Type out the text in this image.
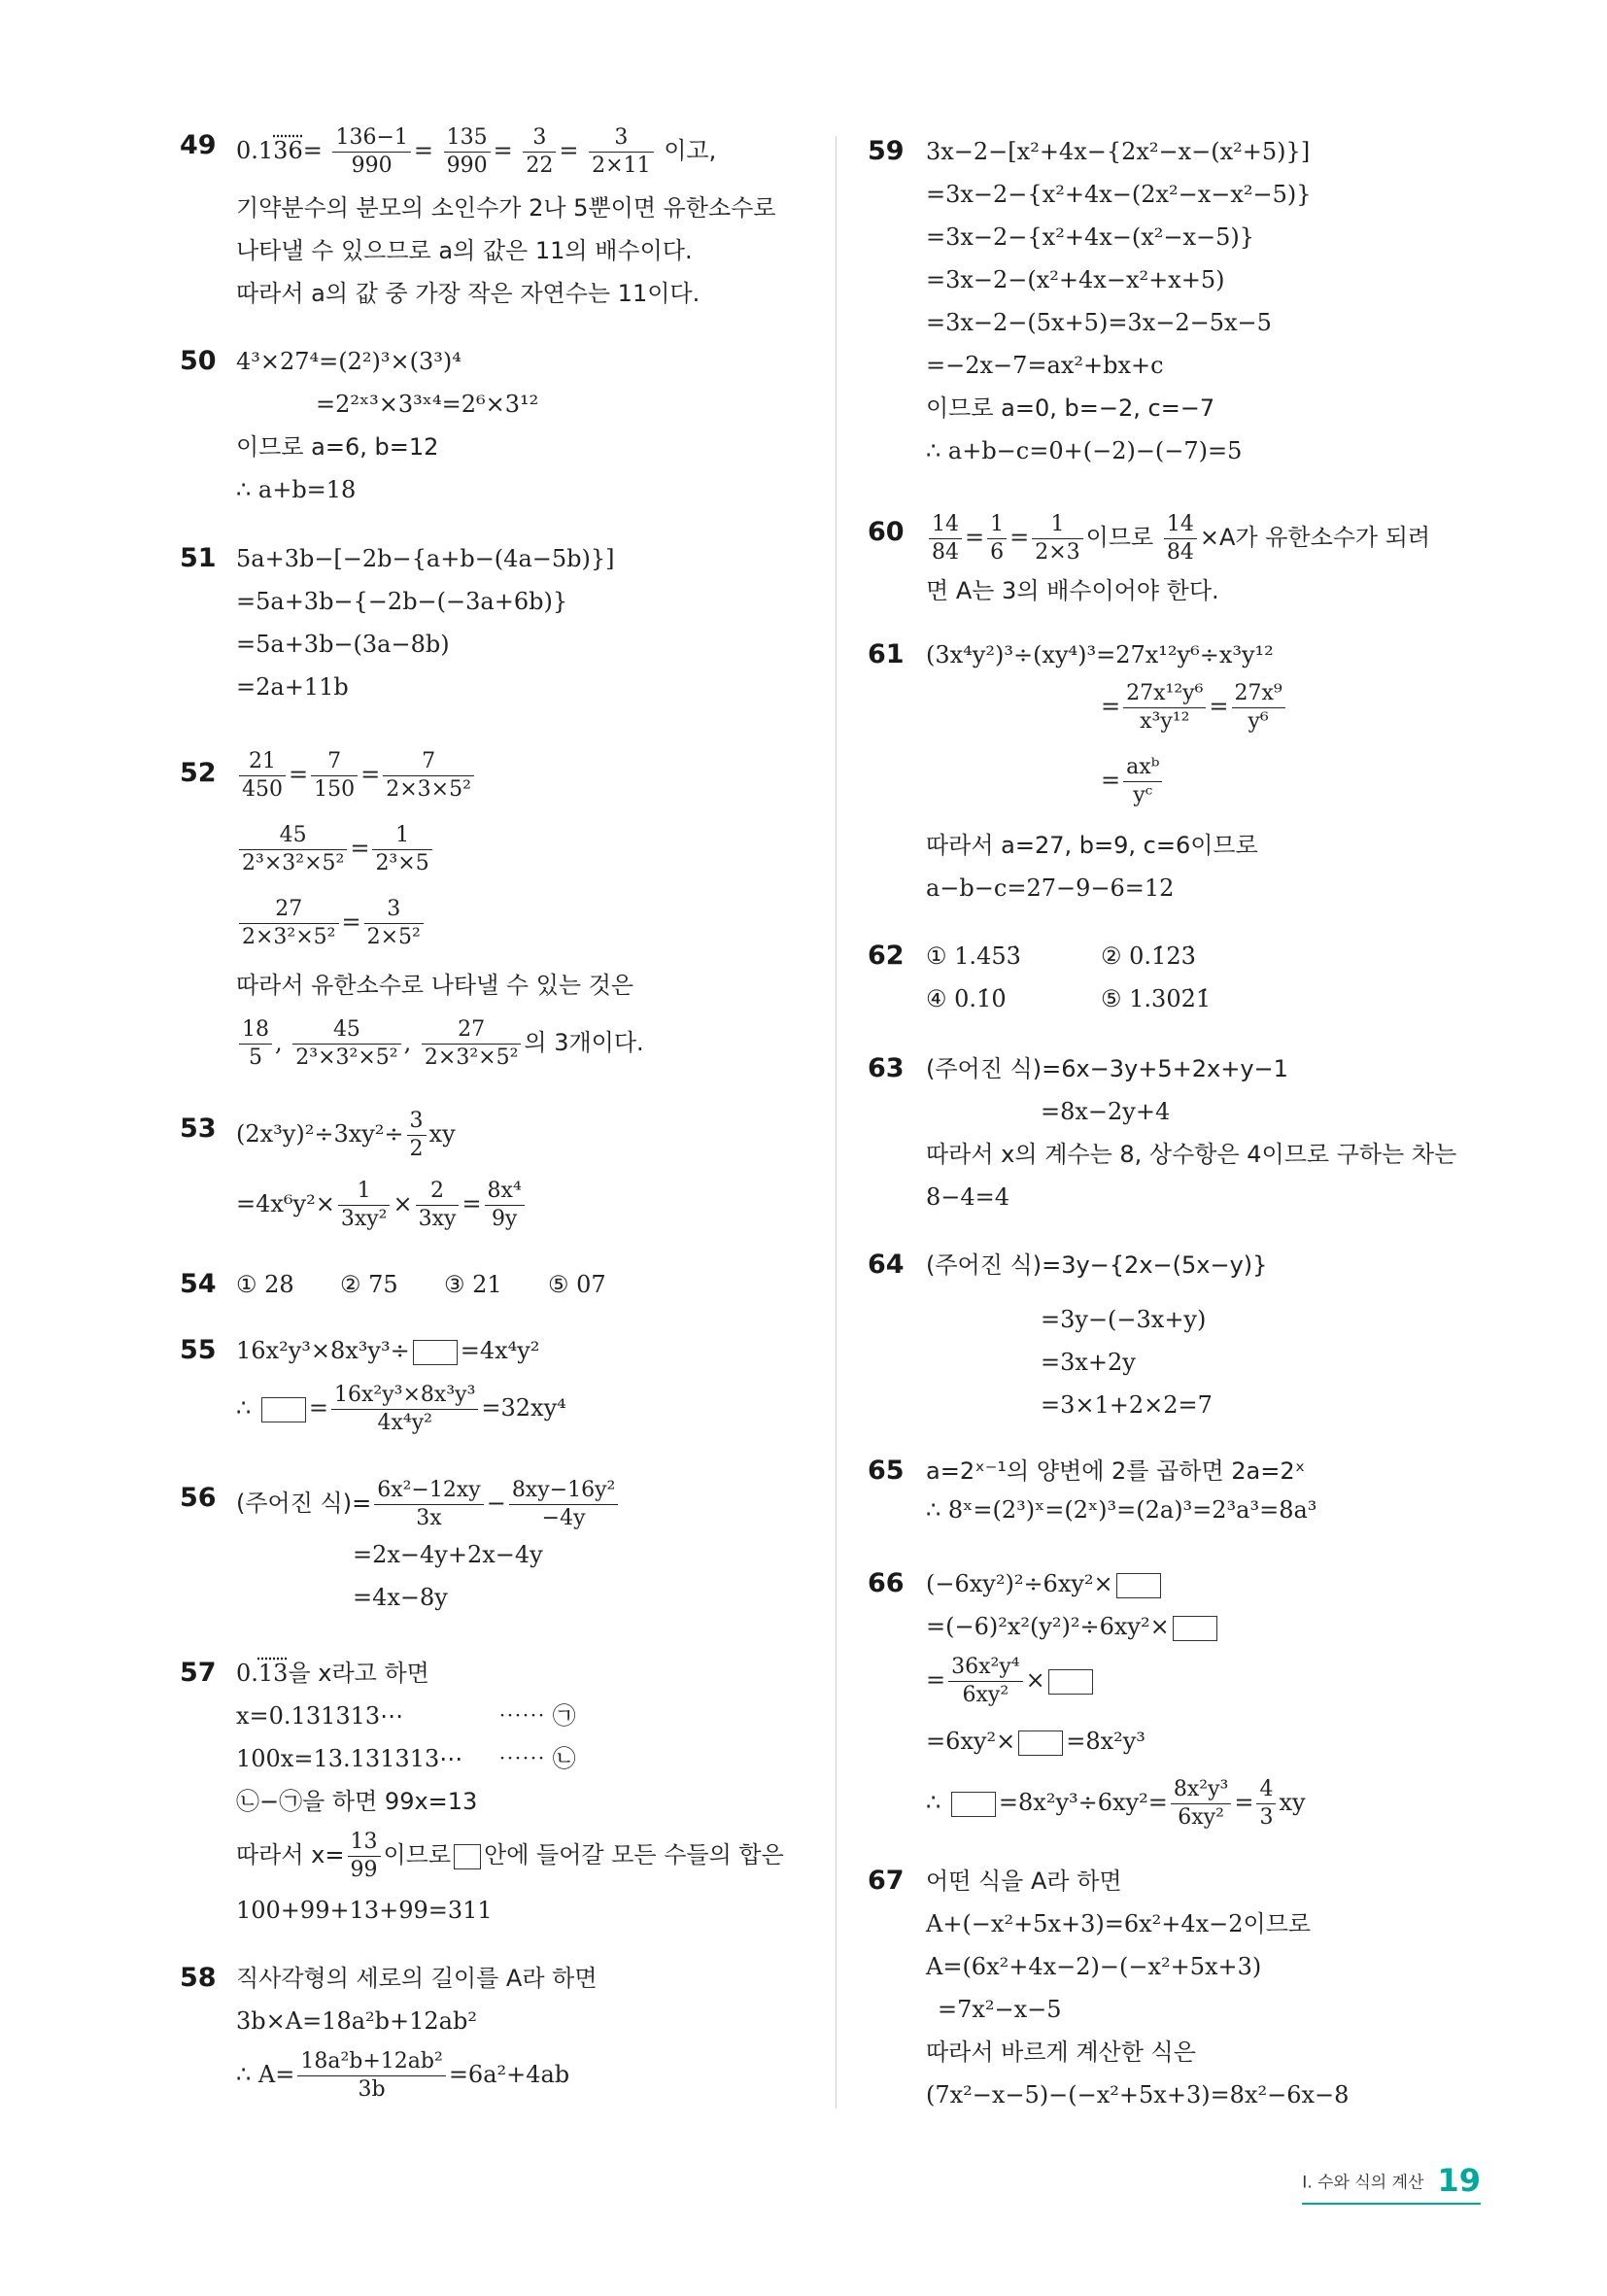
49 $0.136= \frac{136-1}{990} = \frac{135}{990} = \frac{3}{22} = \frac{3}{2\times 11}$ 이고,
기약분수의 분모의 소인수가 2나 5뿐이면 유한소수로
나타낼 수 있으므로 a의 값은 11의 배수이다.
따라서 a의 값 중 가장 작은 자연수는 11이다.
50 4³×27⁴=(2²)³×(3³)⁴
=2²ˣ³×3³ˣ⁴=2⁶×3¹²
이므로 a=6, b=12
∴ a+b=18
51 5a+3b−[−2b−{a+b−(4a−5b)}]
=5a+3b−{−2b−(−3a+6b)}
=5a+3b−(3a−8b)
=2a+11b
$52 \frac{21}{450} = \frac{7}{150} = \frac{7}{\text{2×3×5²}}$
$\frac{45}{\text{2³×3²×5²}} = \frac{1}{\text{2³×5}}$
$\frac{27}{\text{2×3²×5²}} = \frac{3}{\text{2×5²}}$
따라서 유한소수로 나타낼 수 있는 것은
$\frac{18}{5}$ , $\frac{45}{\text{2³×3²×5²}}$ , $\frac{27}{\text{2×3²×5²}}$ 의 3개이다.
53 $(2x^3y)^2\div 3xy^2\div \frac{3}{2}$ xy
$=4x^6y^2\times \frac{1}{\text{3xy²}} \times \frac{2}{3xy} = \frac{\text{8x⁴}}{9y}$
54 ① 28 ② 75 ③ 21 ⑤ 07
55 16x²y³×8x³y³÷ =4x⁴y²
∴ = $\frac{\text{16x²y³×8x³y³}}{\text{4x⁴y²}} =32xy^4$
56 (주어진 식)= $\frac{\text{6x²−12xy}}{3x} - \frac{\text{8xy−16y²}}{-4y}$
=2x−4y+2x−4y
=4x−8y
57 0.13을 x라고 하면
x=0.131313⋯	⋯⋯ ㉠
100x=13.131313⋯ ⋯⋯ ㉡
㉡−㉠을 하면 99x=13
따라서 $x= \frac{13}{99}$ 이므로 안에 들어갈 모든 수들의 합은
100+99+13+99=311
58 직사각형의 세로의 길이를 A라 하면
3b×A=18a²b+12ab²
∴ $A= \frac{\text{18a²b+12ab²}}{3b} =6a^2+4ab$
59 3x−2−[x²+4x−{2x²−x−(x²+5)}]
=3x−2−{x²+4x−(2x²−x−x²−5)}
=3x−2−{x²+4x−(x²−x−5)}
=3x−2−(x²+4x−x²+x+5)
=3x−2−(5x+5)=3x−2−5x−5
=−2x−7=ax²+bx+c
이므로 a=0, b=−2, c=−7
∴ a+b−c=0+(−2)−(−7)=5
$60 \frac{14}{84} = \frac{1}{6} = \frac{1}{2\times 3}$ 이므로 $\frac{14}{84} \times A$가 유한소수가 되려
면 A는 3의 배수이어야 한다.
61 (3x⁴y²)³÷(xy⁴)³=27x¹²y⁶÷x³y¹²
= $\frac{\text{27x¹²y⁶}}{\text{x³y¹²}} = \frac{\text{27x⁹}}{\text{y⁶}}$
= $\frac{\text{axᵇ}}{\text{yᶜ}}$
따라서 a=27, b=9, c=6이므로
a−b−c=27−9−6=12
62 ① 1.453̇	② 0.1̇23̇
④ 0.1̇0̇	⑤ 1.302̇1̇
63 (주어진 식)=6x−3y+5+2x+y−1
=8x−2y+4
따라서 x의 계수는 8, 상수항은 4이므로 구하는 차는
8−4=4
64 (주어진 식)=3y−{2x−(5x−y)}
=3y−(−3x+y)
=3x+2y
=3×1+2×2=7
65 a=2ˣ⁻¹의 양변에 2를 곱하면 2a=2ˣ
∴ 8ˣ=(2³)ˣ=(2ˣ)³=(2a)³=2³a³=8a³
66 (−6xy²)²÷6xy²×
=(−6)²x²(y²)²÷6xy²×
= $\frac{\text{36x²y⁴}}{\text{6xy²}}$ ×
=6xy²× =8x²y³
∴ $=8x^2y^3\div 6xy^2= \frac{\text{8x²y³}}{\text{6xy²}} = \frac{4}{3}$ xy
67 어떤 식을 A라 하면
A+(−x²+5x+3)=6x²+4x−2이므로
A=(6x²+4x−2)−(−x²+5x+3)
=7x²−x−5
따라서 바르게 계산한 식은
(7x²−x−5)−(−x²+5x+3)=8x²−6x−8
I. 수와 식의 계산 19
